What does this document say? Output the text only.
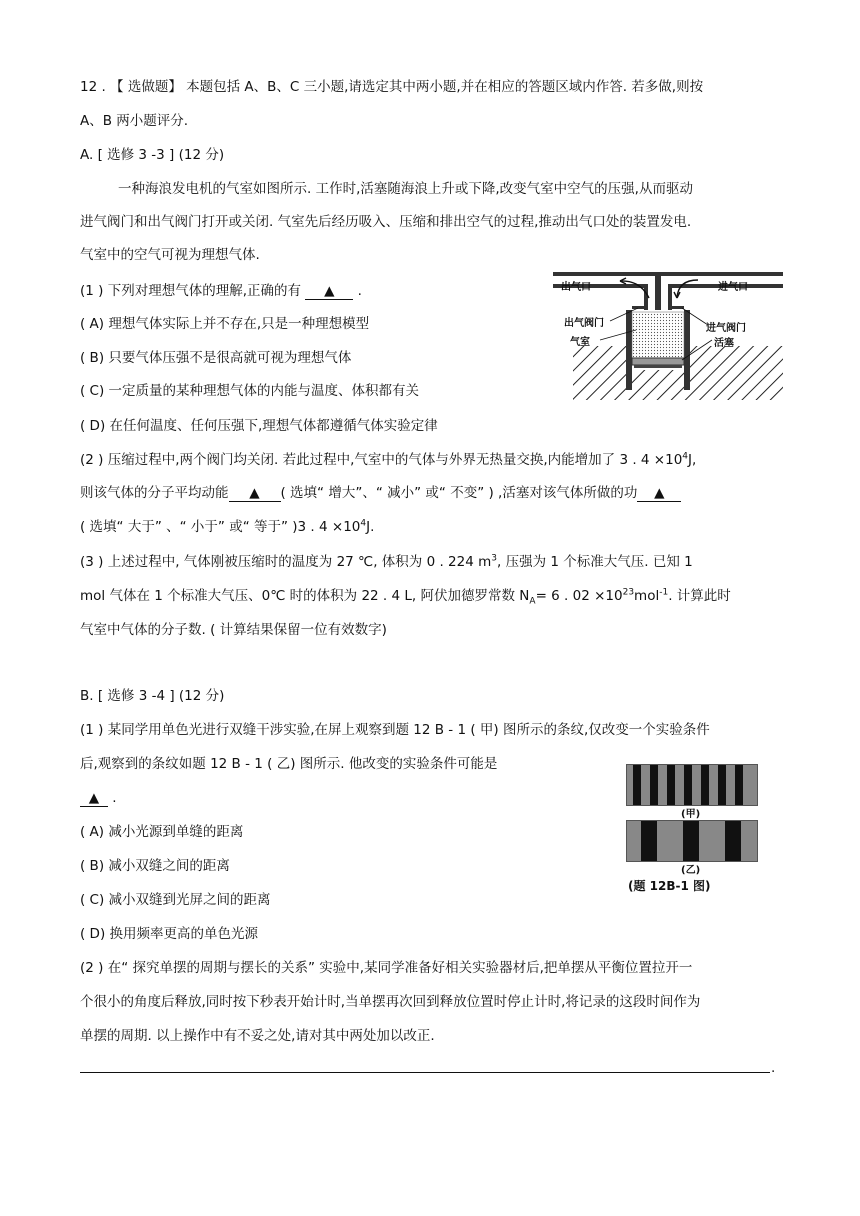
12 . 【 选做题】 本题包括 A、B、C 三小题,请选定其中两小题,并在相应的答题区域内作答. 若多做,则按
A、B 两小题评分.
A. [ 选修 3 -3 ] (12 分)
一种海浪发电机的气室如图所示. 工作时,活塞随海浪上升或下降,改变气室中空气的压强,从而驱动
进气阀门和出气阀门打开或关闭. 气室先后经历吸入、压缩和排出空气的过程,推动出气口处的装置发电.
气室中的空气可视为理想气体.
(1 ) 下列对理想气体的理解,正确的有 ▲ .
( A) 理想气体实际上并不存在,只是一种理想模型
( B) 只要气体压强不是很高就可视为理想气体
( C) 一定质量的某种理想气体的内能与温度、体积都有关
( D) 在任何温度、任何压强下,理想气体都遵循气体实验定律
(2 ) 压缩过程中,两个阀门均关闭. 若此过程中,气室中的气体与外界无热量交换,内能增加了 3 . $4 \times 10^4J$,
则该气体的分子平均动能 ▲ ( 选填“ 增大”、“ 减小” 或“ 不变” ) ,活塞对该气体所做的功 ▲
( 选填“ 大于” 、“ 小于” 或“ 等于” )3 . $4 \times 10^4J$.
(3 ) 上述过程中, 气体刚被压缩时的温度为 27 ℃, 体积为 0 . 224 $m^3$, 压强为 1 个标准大气压. 已知 1
mol 气体在 1 个标准大气压、0℃ 时的体积为 22 . 4 L, 阿伏加德罗常数 $N_A= 6$ . $02 \times 10^{23}mol^{-1}$. 计算此时
气室中气体的分子数. ( 计算结果保留一位有效数字)
出气口	进气口
出气阀门	进气阀门
气室	活塞
B. [ 选修 3 -4 ] (12 分)
(1 ) 某同学用单色光进行双缝干涉实验,在屏上观察到题 12 B - 1 ( 甲) 图所示的条纹,仅改变一个实验条件
后,观察到的条纹如题 12 B - 1 ( 乙) 图所示. 他改变的实验条件可能是
▲ .
( A) 减小光源到单缝的距离
( B) 减小双缝之间的距离
( C) 减小双缝到光屏之间的距离
( D) 换用频率更高的单色光源
(2 ) 在“ 探究单摆的周期与摆长的关系” 实验中,某同学准备好相关实验器材后,把单摆从平衡位置拉开一
个很小的角度后释放,同时按下秒表开始计时,当单摆再次回到释放位置时停止计时,将记录的这段时间作为
单摆的周期. 以上操作中有不妥之处,请对其中两处加以改正.
.
(甲)
(乙)
(题 12B-1 图)
